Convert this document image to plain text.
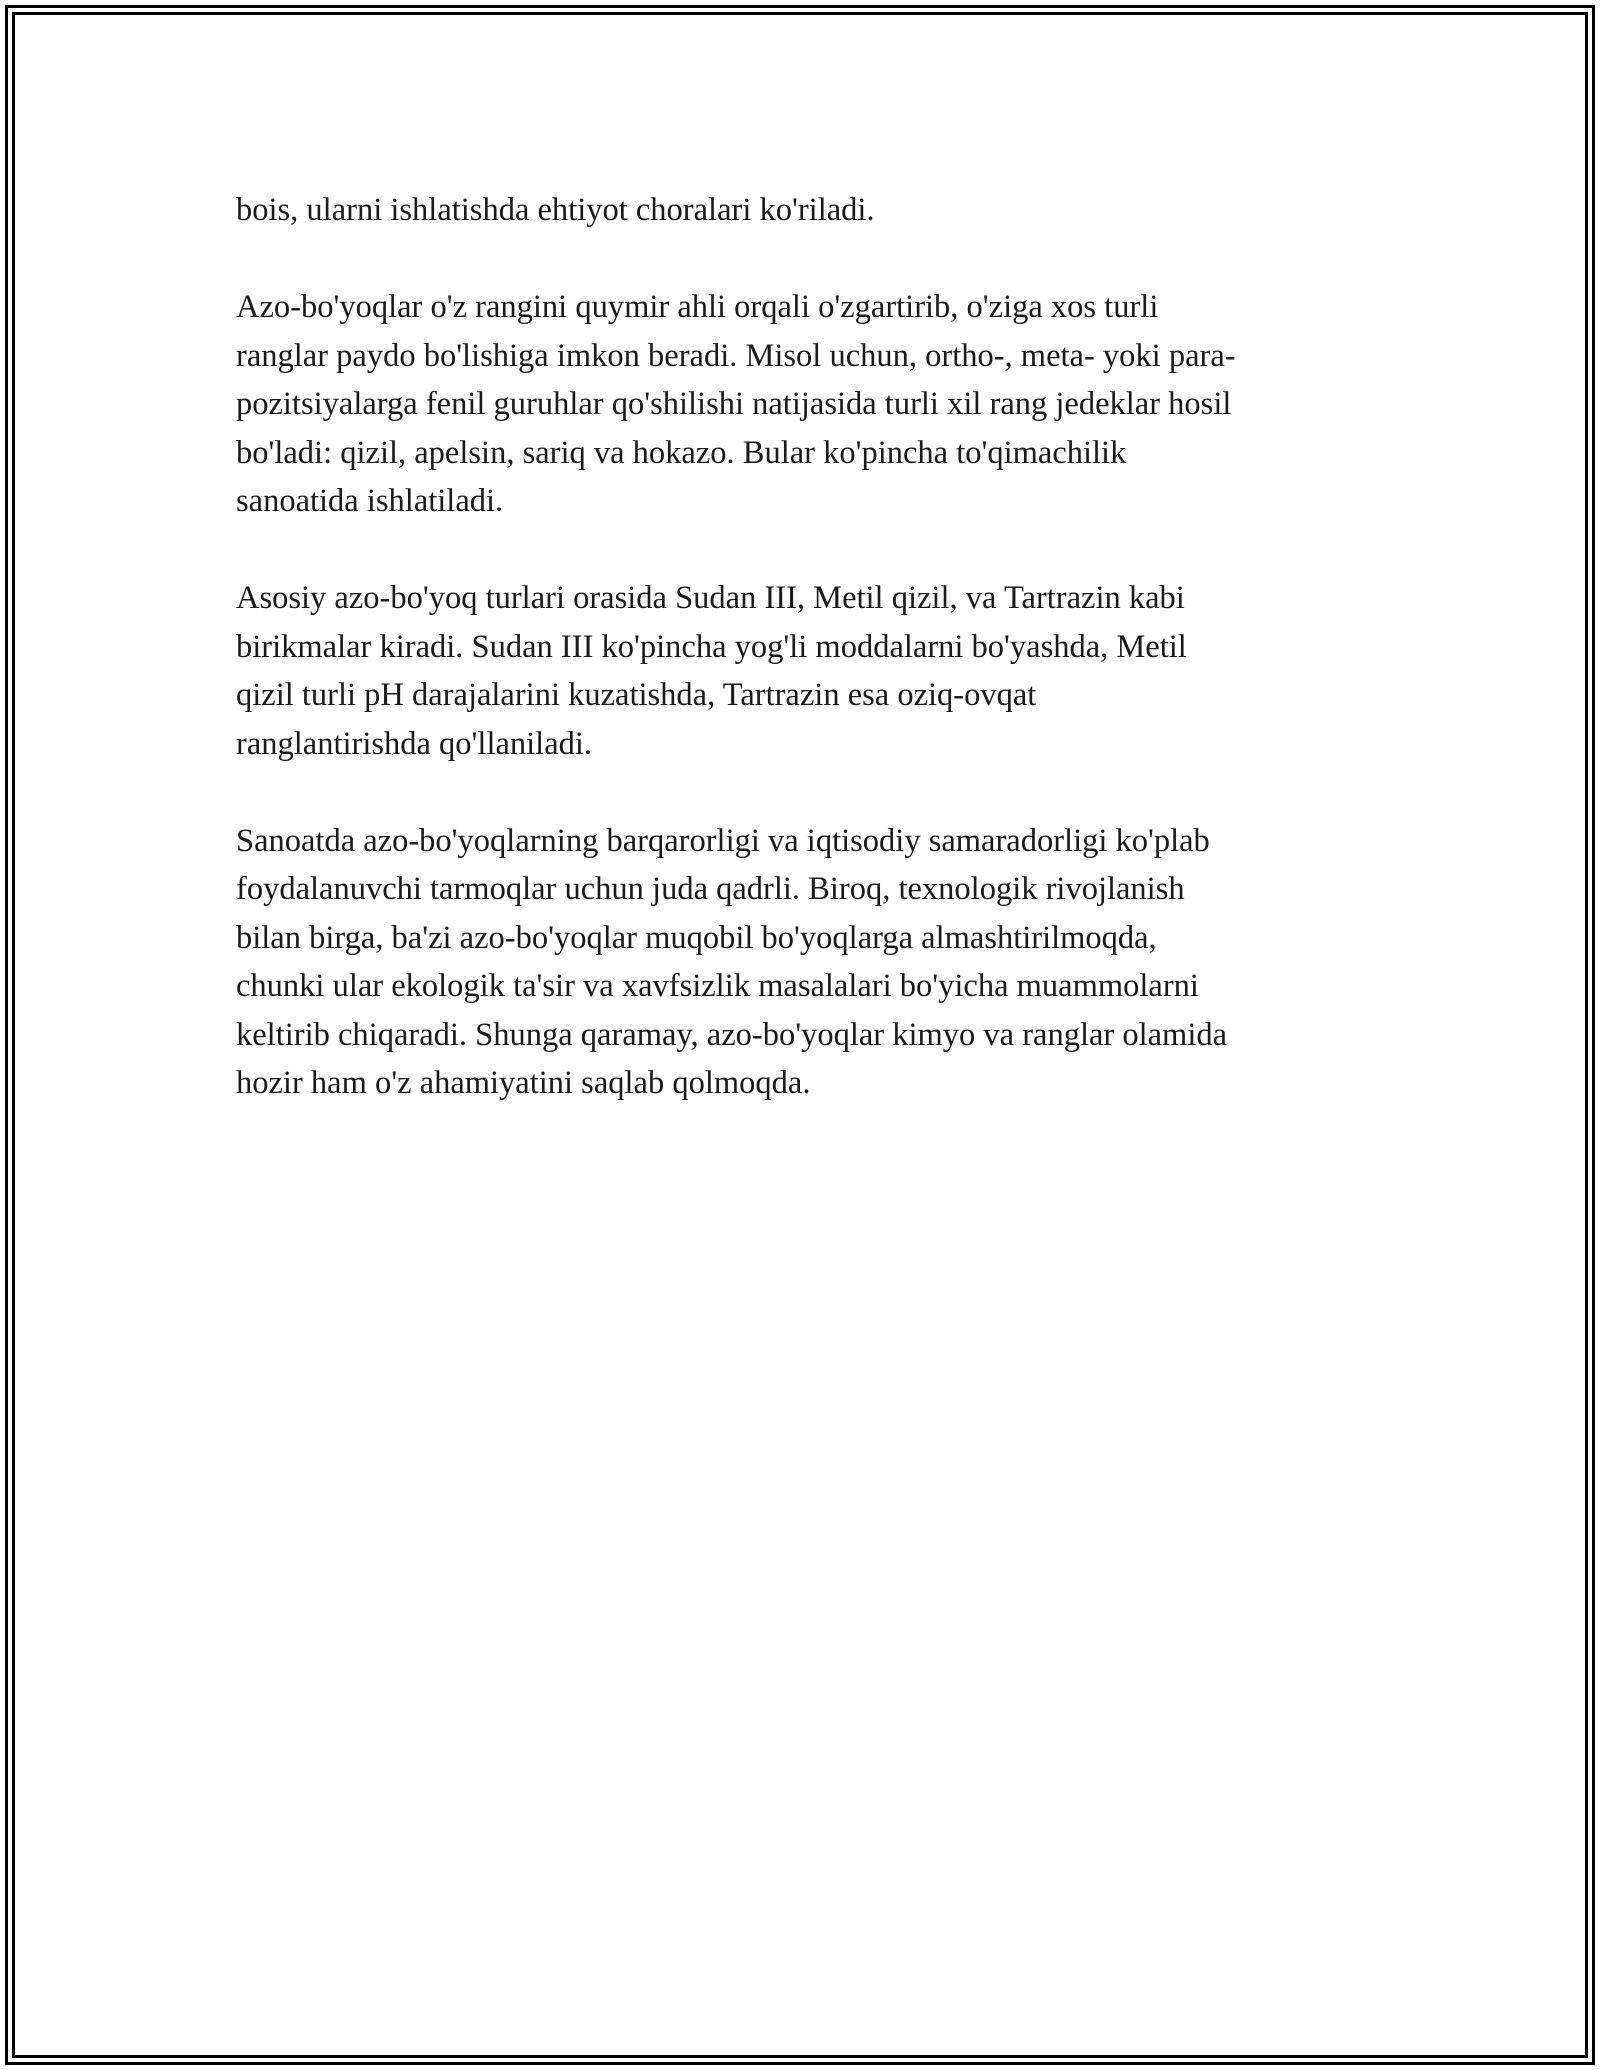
bois, ularni ishlatishda ehtiyot choralari ko'riladi.

Azo-bo'yoqlar o'z rangini quymir ahli orqali o'zgartirib, o'ziga xos turli
ranglar paydo bo'lishiga imkon beradi. Misol uchun, ortho-, meta- yoki para-
pozitsiyalarga fenil guruhlar qo'shilishi natijasida turli xil rang jedeklar hosil
bo'ladi: qizil, apelsin, sariq va hokazo. Bular ko'pincha to'qimachilik
sanoatida ishlatiladi.

Asosiy azo-bo'yoq turlari orasida Sudan III, Metil qizil, va Tartrazin kabi
birikmalar kiradi. Sudan III ko'pincha yog'li moddalarni bo'yashda, Metil
qizil turli pH darajalarini kuzatishda, Tartrazin esa oziq-ovqat
ranglantirishda qo'llaniladi.

Sanoatda azo-bo'yoqlarning barqarorligi va iqtisodiy samaradorligi ko'plab
foydalanuvchi tarmoqlar uchun juda qadrli. Biroq, texnologik rivojlanish
bilan birga, ba'zi azo-bo'yoqlar muqobil bo'yoqlarga almashtirilmoqda,
chunki ular ekologik ta'sir va xavfsizlik masalalari bo'yicha muammolarni
keltirib chiqaradi. Shunga qaramay, azo-bo'yoqlar kimyo va ranglar olamida
hozir ham o'z ahamiyatini saqlab qolmoqda.
